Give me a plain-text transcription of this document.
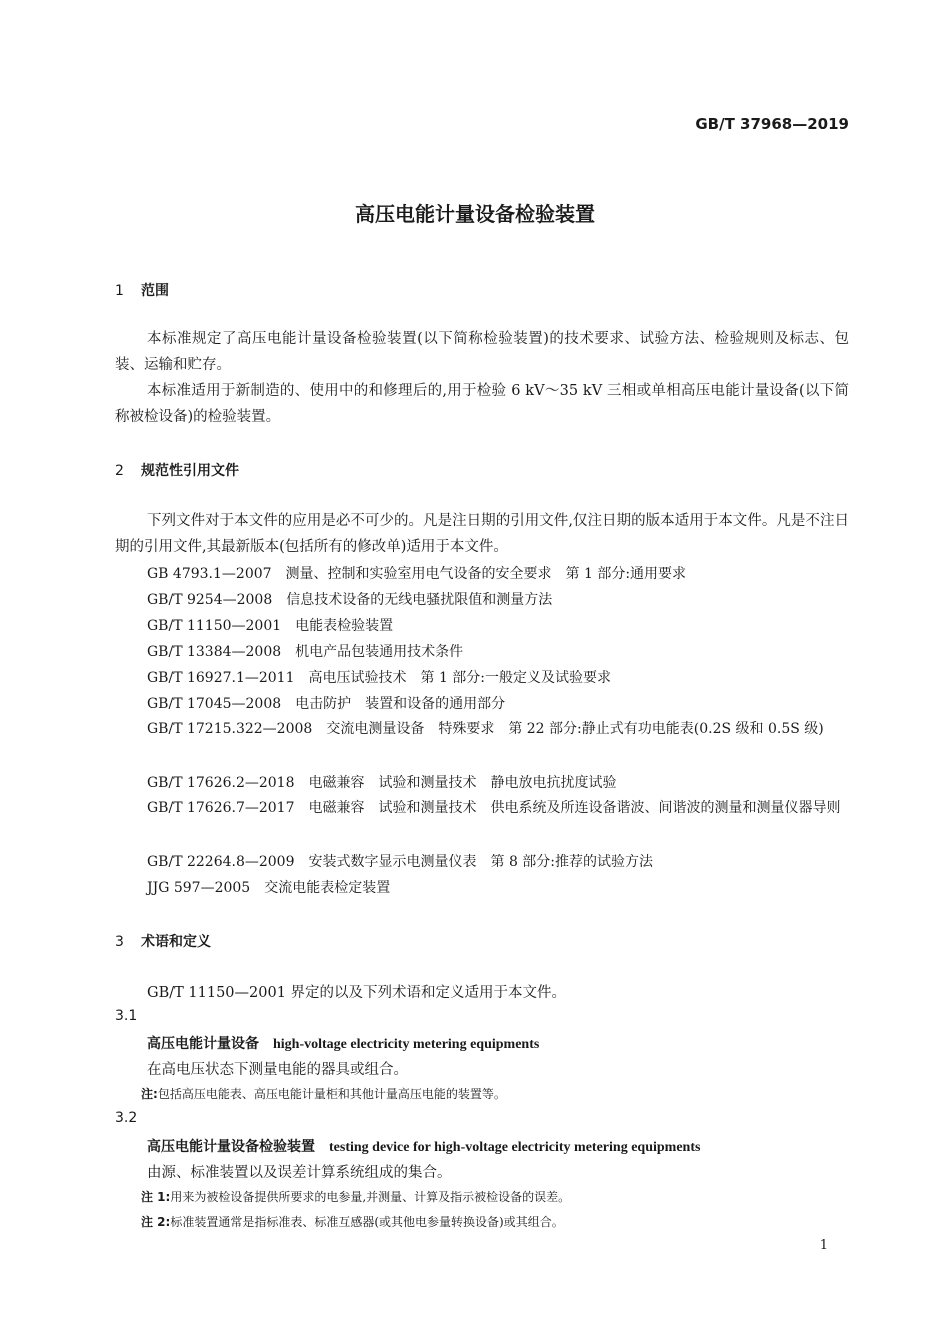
GB/T 37968—2019
高压电能计量设备检验装置
1 范围
本标准规定了高压电能计量设备检验装置(以下简称检验装置)的技术要求、试验方法、检验规则及标志、包装、运输和贮存。
本标准适用于新制造的、使用中的和修理后的,用于检验 6 kV～35 kV 三相或单相高压电能计量设备(以下简称被检设备)的检验装置。
2 规范性引用文件
下列文件对于本文件的应用是必不可少的。凡是注日期的引用文件,仅注日期的版本适用于本文件。凡是不注日期的引用文件,其最新版本(包括所有的修改单)适用于本文件。
GB 4793.1—2007　测量、控制和实验室用电气设备的安全要求　第 1 部分:通用要求
GB/T 9254—2008　信息技术设备的无线电骚扰限值和测量方法
GB/T 11150—2001　电能表检验装置
GB/T 13384—2008　机电产品包装通用技术条件
GB/T 16927.1—2011　高电压试验技术　第 1 部分:一般定义及试验要求
GB/T 17045—2008　电击防护　装置和设备的通用部分
GB/T 17215.322—2008　交流电测量设备　特殊要求　第 22 部分:静止式有功电能表(0.2S 级和 0.5S 级)
GB/T 17626.2—2018　电磁兼容　试验和测量技术　静电放电抗扰度试验
GB/T 17626.7—2017　电磁兼容　试验和测量技术　供电系统及所连设备谐波、间谐波的测量和测量仪器导则
GB/T 22264.8—2009　安装式数字显示电测量仪表　第 8 部分:推荐的试验方法
JJG 597—2005　交流电能表检定装置
3 术语和定义
GB/T 11150—2001 界定的以及下列术语和定义适用于本文件。
3.1
高压电能计量设备 high-voltage electricity metering equipments
在高电压状态下测量电能的器具或组合。
注:包括高压电能表、高压电能计量柜和其他计量高压电能的装置等。
3.2
高压电能计量设备检验装置 testing device for high-voltage electricity metering equipments
由源、标准装置以及误差计算系统组成的集合。
注 1:用来为被检设备提供所要求的电参量,并测量、计算及指示被检设备的误差。
注 2:标准装置通常是指标准表、标准互感器(或其他电参量转换设备)或其组合。
1
